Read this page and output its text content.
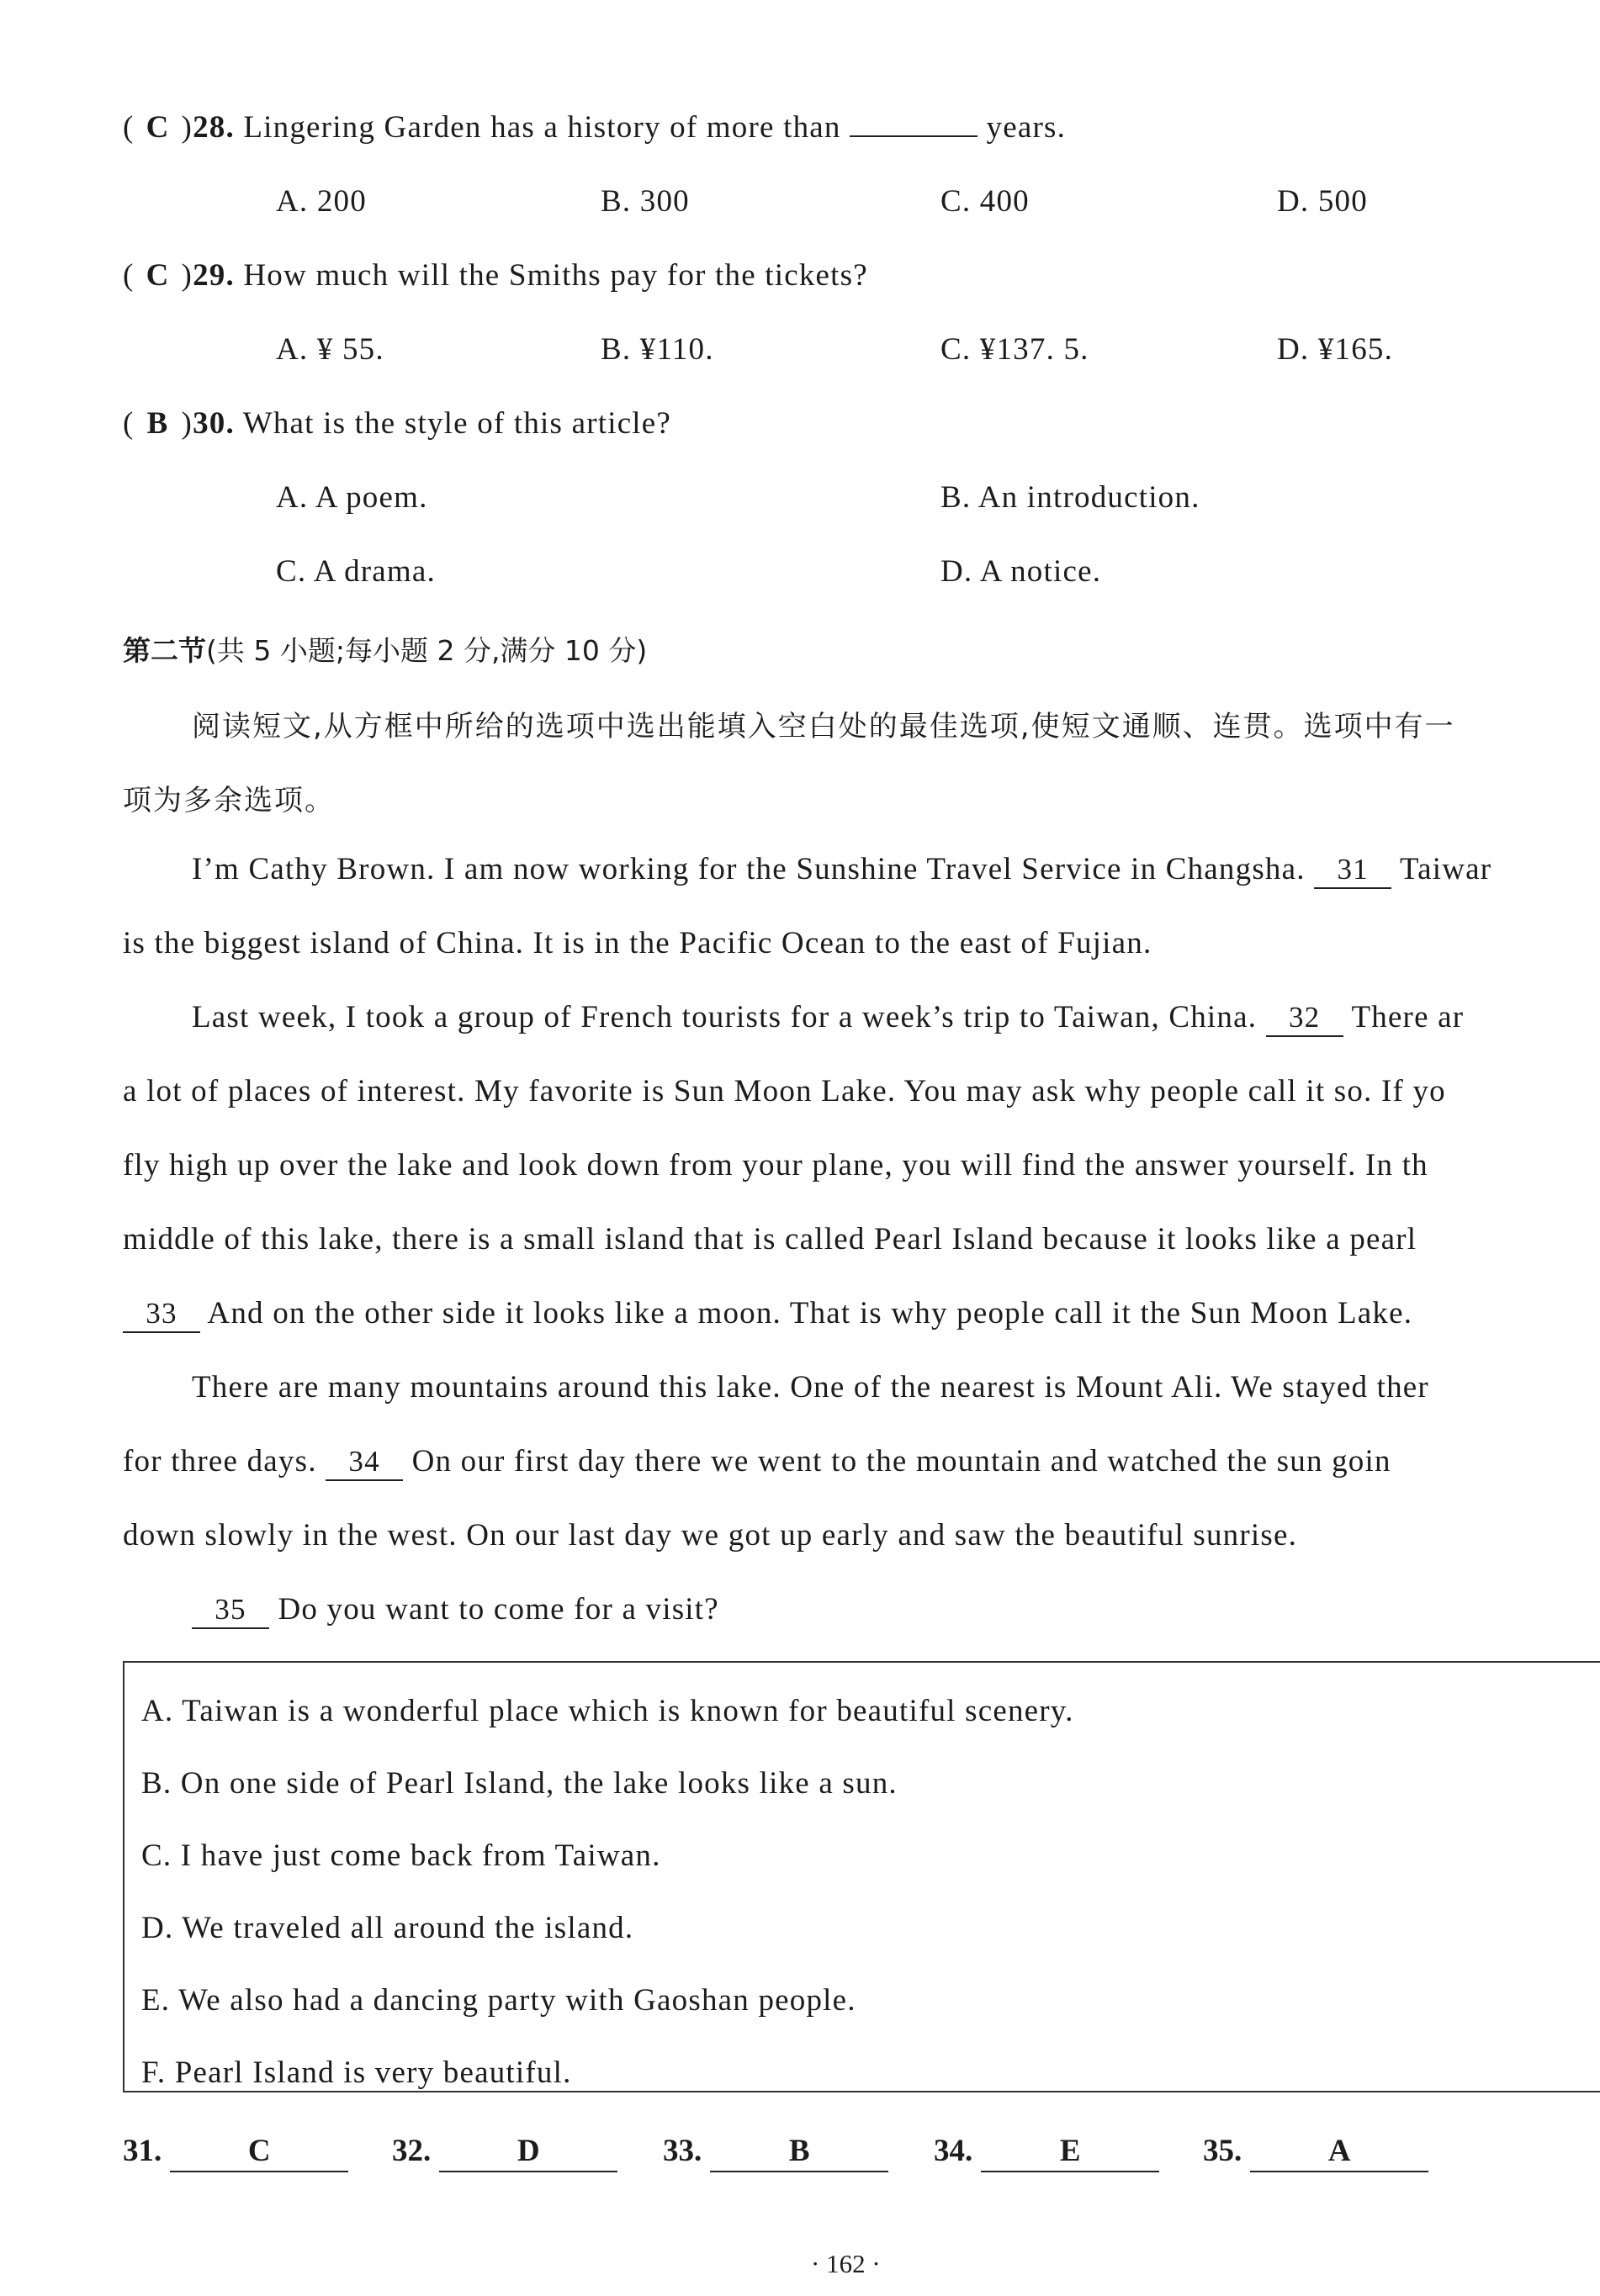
( C )28. Lingering Garden has a history of more than	years.
A. 200	B. 300	C. 400	D. 500
( C )29. How much will the Smiths pay for the tickets?
A. ¥ 55.	B. ¥110.	C. ¥137. 5.	D. ¥165.
( B )30. What is the style of this article?
A. A poem.	B. An introduction.
C. A drama.	D. A notice.
第二节(共 5 小题;每小题 2 分,满分 10 分)
阅读短文,从方框中所给的选项中选出能填入空白处的最佳选项,使短文通顺、连贯。选项中有一
项为多余选项。
I’m Cathy Brown. I am now working for the Sunshine Travel Service in Changsha. 31 Taiwar
is the biggest island of China. It is in the Pacific Ocean to the east of Fujian.
Last week, I took a group of French tourists for a week’s trip to Taiwan, China. 32 There ar
a lot of places of interest. My favorite is Sun Moon Lake. You may ask why people call it so. If yo
fly high up over the lake and look down from your plane, you will find the answer yourself. In th
middle of this lake, there is a small island that is called Pearl Island because it looks like a pearl
33 And on the other side it looks like a moon. That is why people call it the Sun Moon Lake.
There are many mountains around this lake. One of the nearest is Mount Ali. We stayed ther
for three days. 34 On our first day there we went to the mountain and watched the sun goin
down slowly in the west. On our last day we got up early and saw the beautiful sunrise.
35 Do you want to come for a visit?
A. Taiwan is a wonderful place which is known for beautiful scenery.
B. On one side of Pearl Island, the lake looks like a sun.
C. I have just come back from Taiwan.
D. We traveled all around the island.
E. We also had a dancing party with Gaoshan people.
F. Pearl Island is very beautiful.
31.	C	32.	D	33.	B	34.	E	35.	A
· 162 ·
